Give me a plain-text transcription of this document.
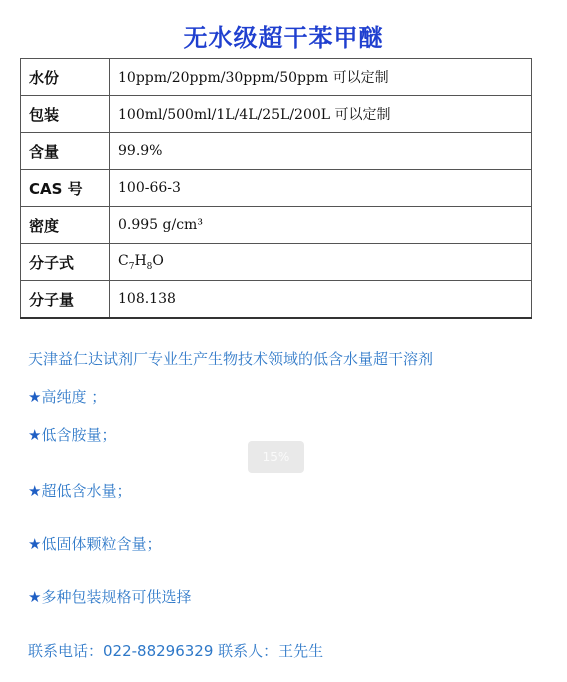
无水级超干苯甲醚
水份	10ppm/20ppm/30ppm/50ppm 可以定制
包装	100ml/500ml/1L/4L/25L/200L 可以定制
含量	99.9%
CAS 号	100-66-3
密度	0.995 g/cm³
分子式	$C_7H_8O$
分子量	108.138
天津益仁达试剂厂专业生产生物技术领域的低含水量超干溶剂
★高纯度 ；
★低含胺量；
★超低含水量；
★低固体颗粒含量；
★多种包装规格可供选择
15%
联系电话：022-88296329 联系人：王先生
